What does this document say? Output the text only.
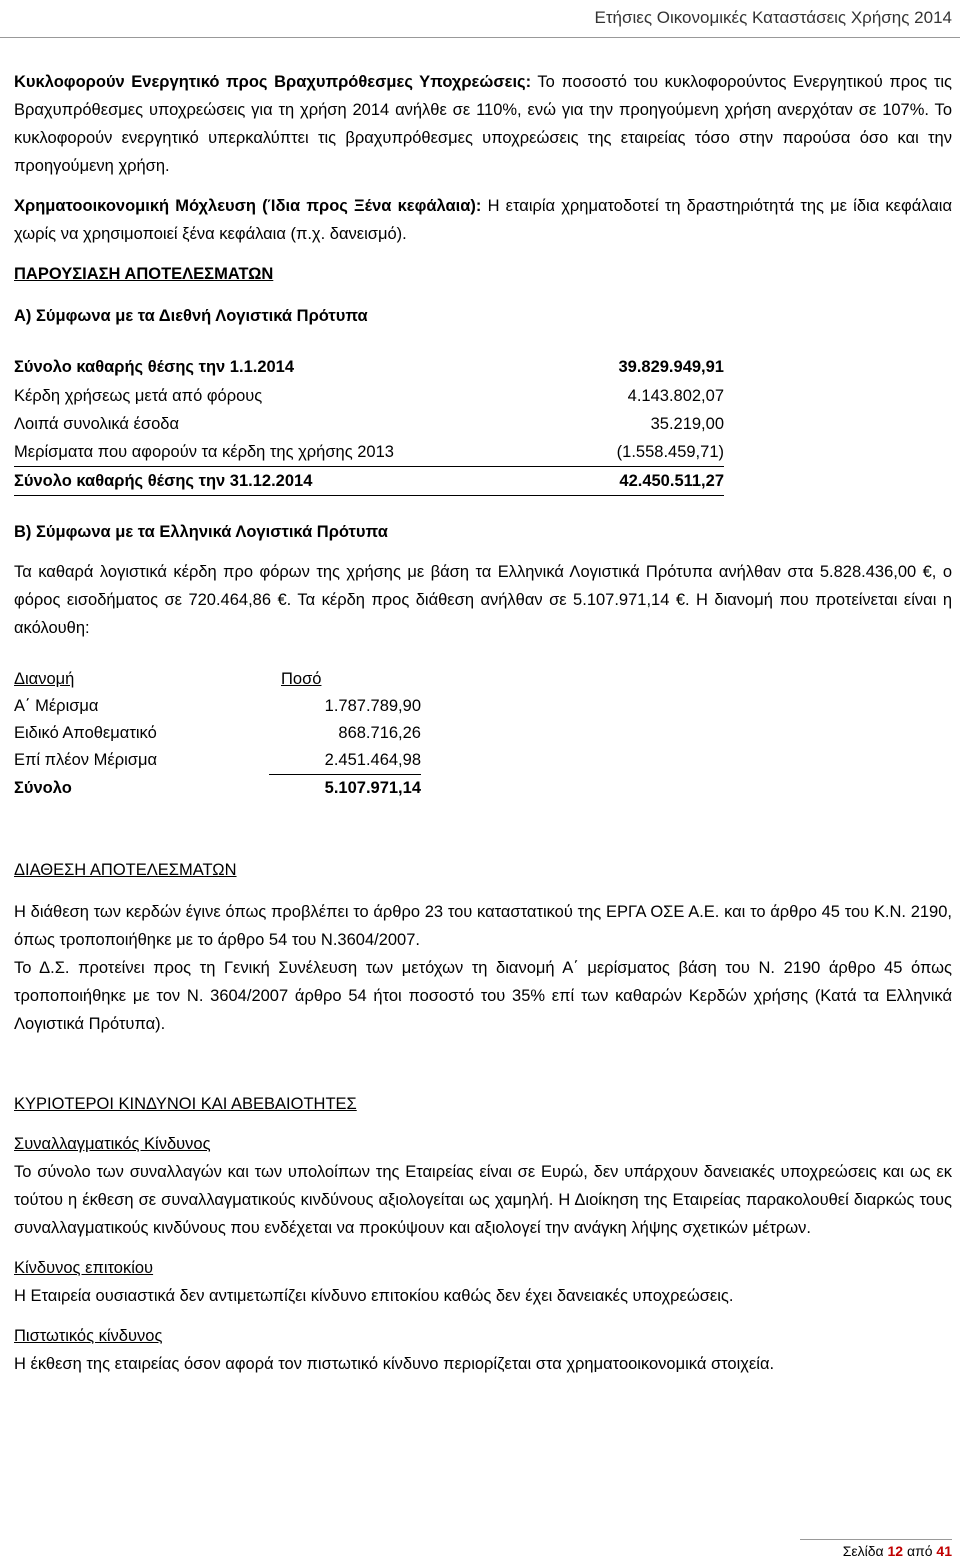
Ετήσιες Οικονομικές Καταστάσεις Χρήσης 2014

Κυκλοφορούν Ενεργητικό προς Βραχυπρόθεσμες Υποχρεώσεις: Το ποσοστό του κυκλοφορούντος Ενεργητικού προς τις Βραχυπρόθεσμες υποχρεώσεις για τη χρήση 2014 ανήλθε σε 110%, ενώ για την προηγούμενη χρήση ανερχόταν σε 107%. Το κυκλοφορούν ενεργητικό υπερκαλύπτει τις βραχυπρόθεσμες υποχρεώσεις της εταιρείας τόσο στην παρούσα όσο και την προηγούμενη χρήση.

Χρηματοοικονομική Μόχλευση (Ίδια προς Ξένα κεφάλαια): Η εταιρία χρηματοδοτεί τη δραστηριότητά της με ίδια κεφάλαια χωρίς να χρησιμοποιεί ξένα κεφάλαια (π.χ. δανεισμό).

ΠΑΡΟΥΣΙΑΣΗ ΑΠΟΤΕΛΕΣΜΑΤΩΝ

Α) Σύμφωνα με τα Διεθνή Λογιστικά Πρότυπα

Σύνολο καθαρής θέσης την 1.1.2014	39.829.949,91
Κέρδη χρήσεως μετά από φόρους	4.143.802,07
Λοιπά συνολικά έσοδα	35.219,00
Μερίσματα που αφορούν τα κέρδη της χρήσης 2013	(1.558.459,71)
Σύνολο καθαρής θέσης την 31.12.2014	42.450.511,27

Β) Σύμφωνα με τα Ελληνικά Λογιστικά Πρότυπα

Τα καθαρά λογιστικά κέρδη προ φόρων της χρήσης με βάση τα Ελληνικά Λογιστικά Πρότυπα ανήλθαν στα 5.828.436,00 €, ο φόρος εισοδήματος σε 720.464,86 €. Τα κέρδη προς διάθεση ανήλθαν σε 5.107.971,14 €. Η διανομή που προτείνεται είναι η ακόλουθη:

Διανομή	Ποσό
Α΄ Μέρισμα	1.787.789,90
Ειδικό Αποθεματικό	868.716,26
Επί πλέον Μέρισμα	2.451.464,98
Σύνολο	5.107.971,14

ΔΙΑΘΕΣΗ ΑΠΟΤΕΛΕΣΜΑΤΩΝ

Η διάθεση των κερδών έγινε όπως προβλέπει το άρθρο 23 του καταστατικού της ΕΡΓΑ ΟΣΕ Α.Ε. και το άρθρο 45 του Κ.Ν. 2190, όπως τροποποιήθηκε με το άρθρο 54 του Ν.3604/2007.

Το Δ.Σ. προτείνει προς τη Γενική Συνέλευση των μετόχων τη διανομή Α΄ μερίσματος βάση του Ν. 2190 άρθρο 45 όπως τροποποιήθηκε με τον Ν. 3604/2007 άρθρο 54 ήτοι ποσοστό του 35% επί των καθαρών Κερδών χρήσης (Κατά τα Ελληνικά Λογιστικά Πρότυπα).

ΚΥΡΙΟΤΕΡΟΙ ΚΙΝΔΥΝΟΙ ΚΑΙ ΑΒΕΒΑΙΟΤΗΤΕΣ

Συναλλαγματικός Κίνδυνος

Το σύνολο των συναλλαγών και των υπολοίπων της Εταιρείας είναι σε Ευρώ, δεν υπάρχουν δανειακές υποχρεώσεις και ως εκ τούτου η έκθεση σε συναλλαγματικούς κινδύνους αξιολογείται ως χαμηλή. Η Διοίκηση της Εταιρείας παρακολουθεί διαρκώς τους συναλλαγματικούς κινδύνους που ενδέχεται να προκύψουν και αξιολογεί την ανάγκη λήψης σχετικών μέτρων.

Κίνδυνος επιτοκίου

Η Εταιρεία ουσιαστικά δεν αντιμετωπίζει κίνδυνο επιτοκίου καθώς δεν έχει δανειακές υποχρεώσεις.

Πιστωτικός κίνδυνος

Η έκθεση της εταιρείας όσον αφορά τον πιστωτικό κίνδυνο περιορίζεται στα χρηματοοικονομικά στοιχεία.

Σελίδα 12 από 41
